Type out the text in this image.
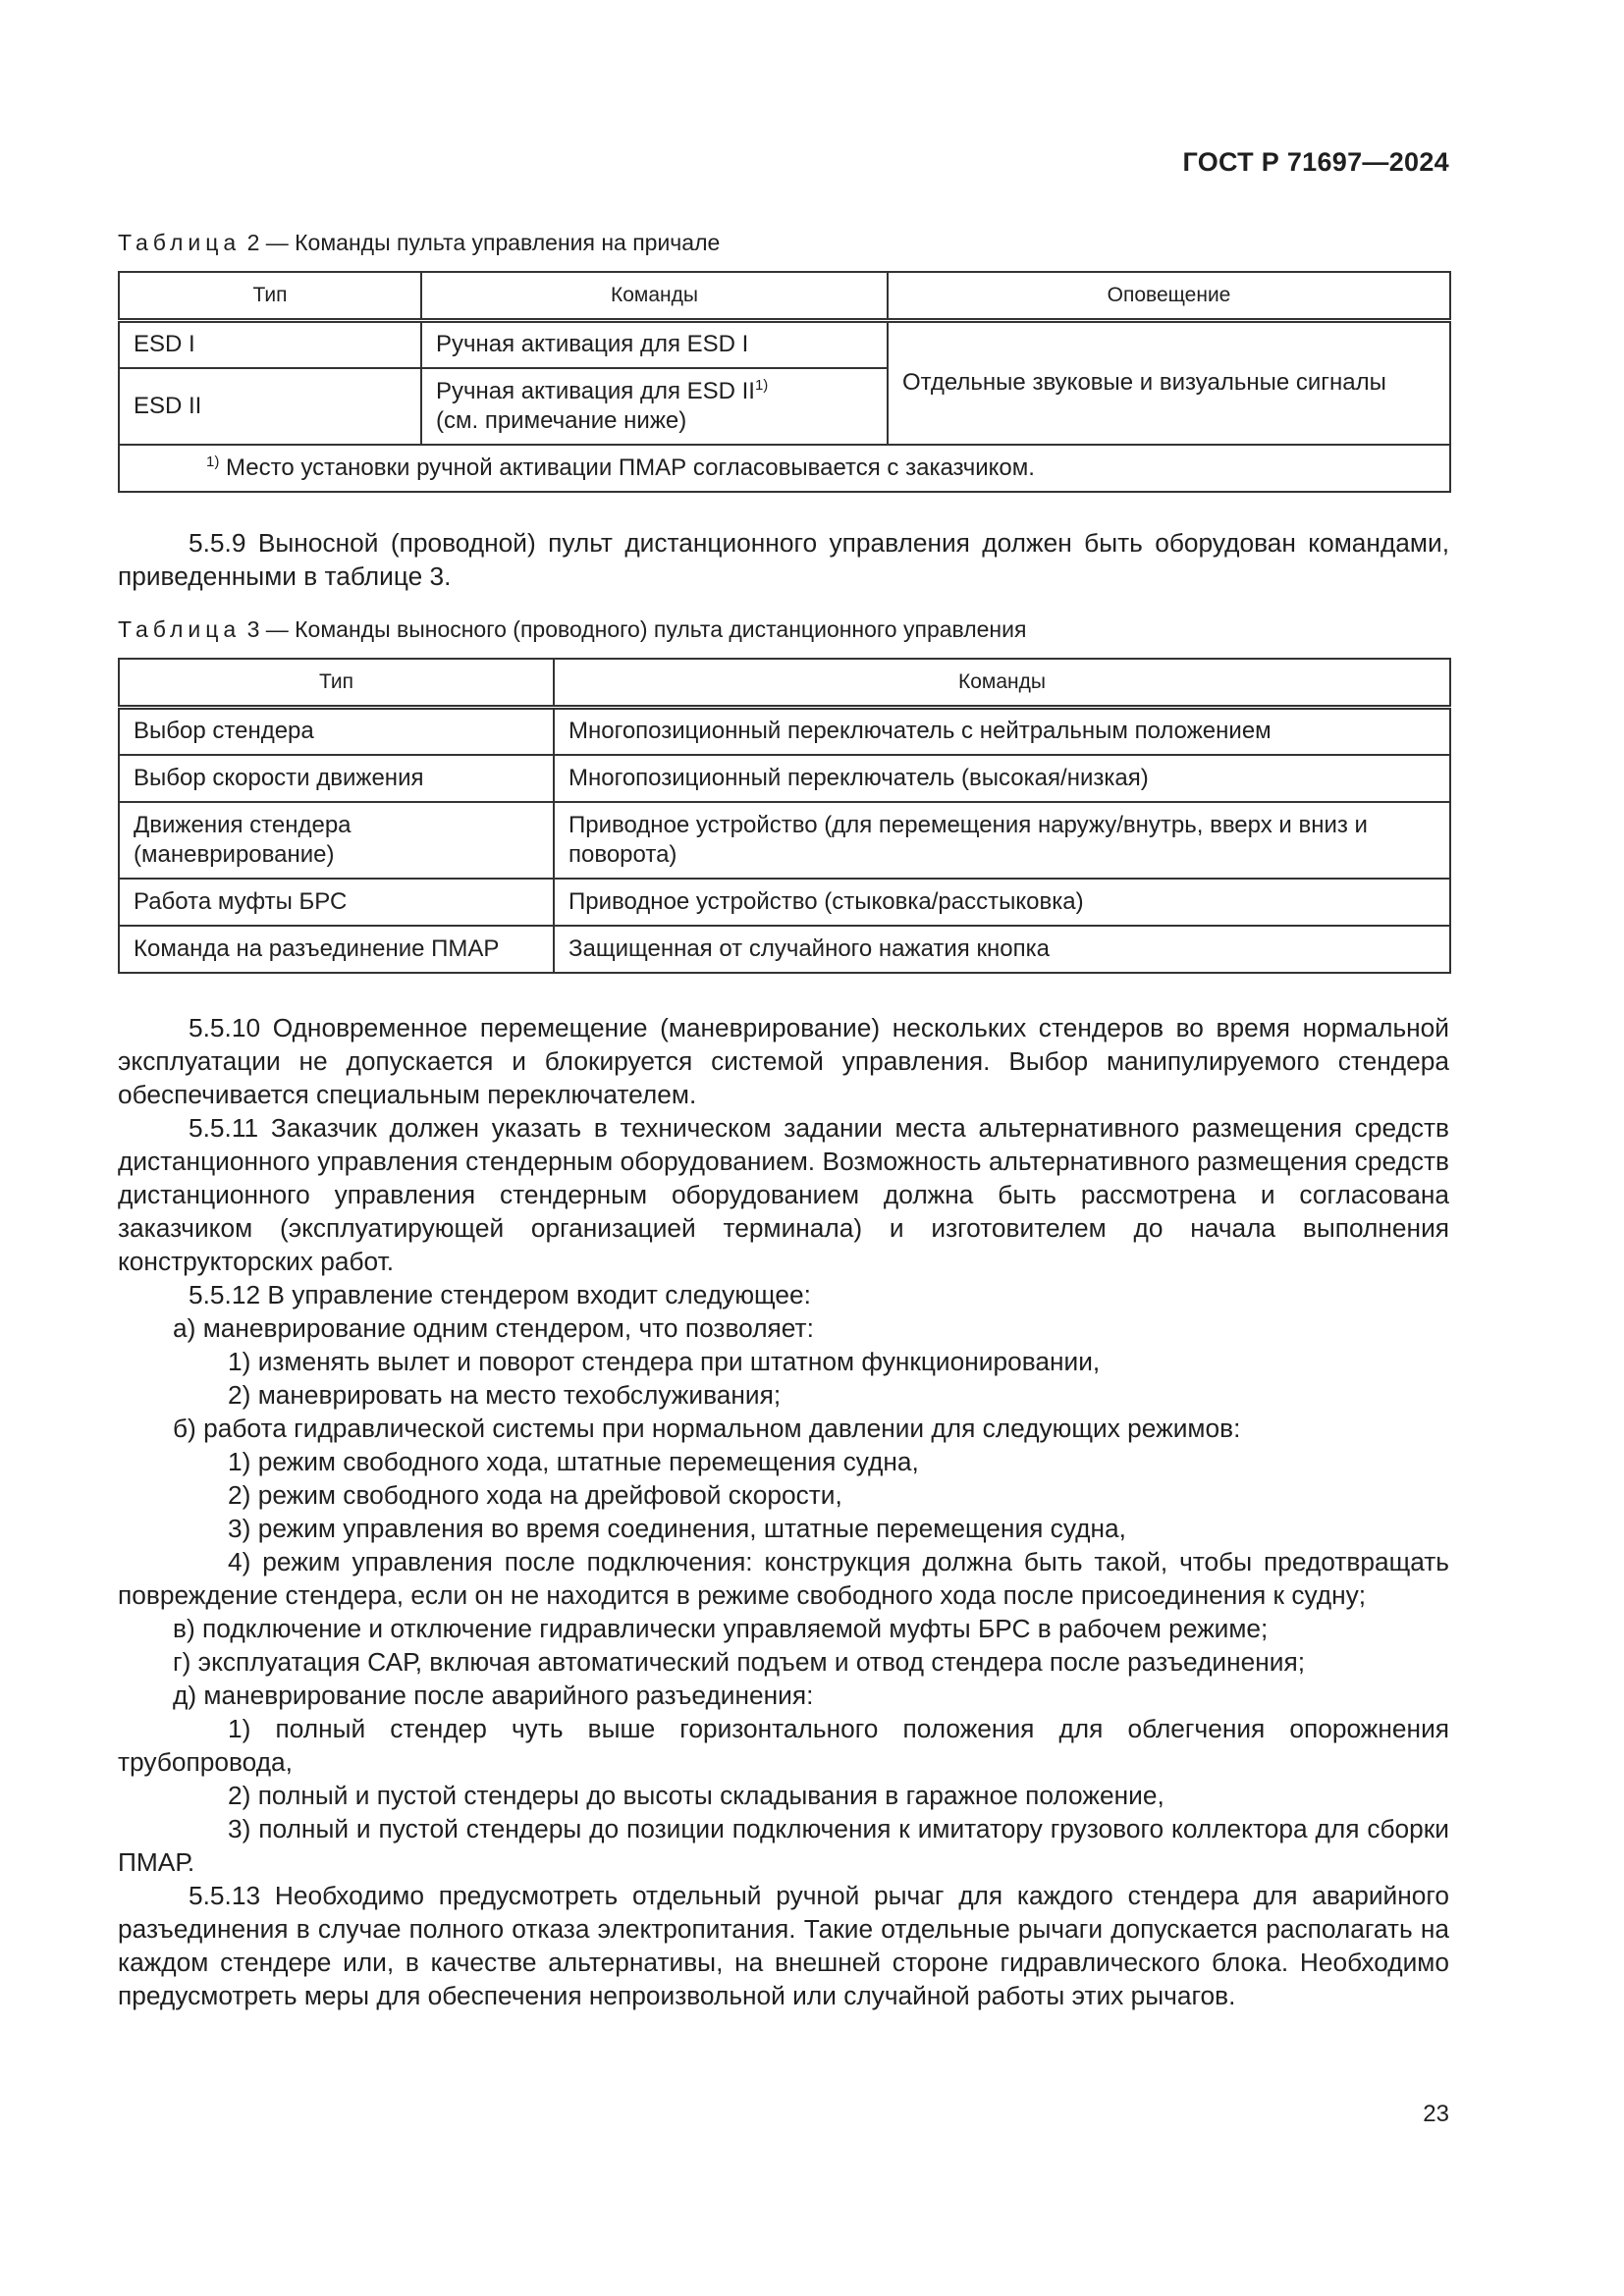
ГОСТ Р 71697—2024
Таблица 2 — Команды пульта управления на причале
Тип	Команды	Оповещение
ESD I	Ручная активация для ESD I	Отдельные звуковые и визуальные сигналы
ESD II	Ручная активация для ESD II$^{1)}$
(см. примечание ниже)	
$^{1)}$ Место установки ручной активации ПМАР согласовывается с заказчиком.		

5.5.9 Выносной (проводной) пульт дистанционного управления должен быть оборудован командами, приведенными в таблице 3.

Таблица 3 — Команды выносного (проводного) пульта дистанционного управления
Тип	Команды
Выбор стендера	Многопозиционный переключатель с нейтральным положением
Выбор скорости движения	Многопозиционный переключатель (высокая/низкая)
Движения стендера (маневрирование)	Приводное устройство (для перемещения наружу/внутрь, вверх и вниз и поворота)
Работа муфты БРС	Приводное устройство (стыковка/расстыковка)
Команда на разъединение ПМАР	Защищенная от случайного нажатия кнопка

5.5.10 Одновременное перемещение (маневрирование) нескольких стендеров во время нормальной эксплуатации не допускается и блокируется системой управления. Выбор манипулируемого стендера обеспечивается специальным переключателем.

5.5.11 Заказчик должен указать в техническом задании места альтернативного размещения средств дистанционного управления стендерным оборудованием. Возможность альтернативного размещения средств дистанционного управления стендерным оборудованием должна быть рассмотрена и согласована заказчиком (эксплуатирующей организацией терминала) и изготовителем до начала выполнения конструкторских работ.

5.5.12 В управление стендером входит следующее:

а) маневрирование одним стендером, что позволяет:

1) изменять вылет и поворот стендера при штатном функционировании,

2) маневрировать на место техобслуживания;

б) работа гидравлической системы при нормальном давлении для следующих режимов:

1) режим свободного хода, штатные перемещения судна,

2) режим свободного хода на дрейфовой скорости,

3) режим управления во время соединения, штатные перемещения судна,

4) режим управления после подключения: конструкция должна быть такой, чтобы предотвращать повреждение стендера, если он не находится в режиме свободного хода после присоединения к судну;

в) подключение и отключение гидравлически управляемой муфты БРС в рабочем режиме;

г) эксплуатация САР, включая автоматический подъем и отвод стендера после разъединения;

д) маневрирование после аварийного разъединения:

1) полный стендер чуть выше горизонтального положения для облегчения опорожнения трубопровода,

2) полный и пустой стендеры до высоты складывания в гаражное положение,

3) полный и пустой стендеры до позиции подключения к имитатору грузового коллектора для сборки ПМАР.

5.5.13 Необходимо предусмотреть отдельный ручной рычаг для каждого стендера для аварийного разъединения в случае полного отказа электропитания. Такие отдельные рычаги допускается располагать на каждом стендере или, в качестве альтернативы, на внешней стороне гидравлического блока. Необходимо предусмотреть меры для обеспечения непроизвольной или случайной работы этих рычагов.

23
